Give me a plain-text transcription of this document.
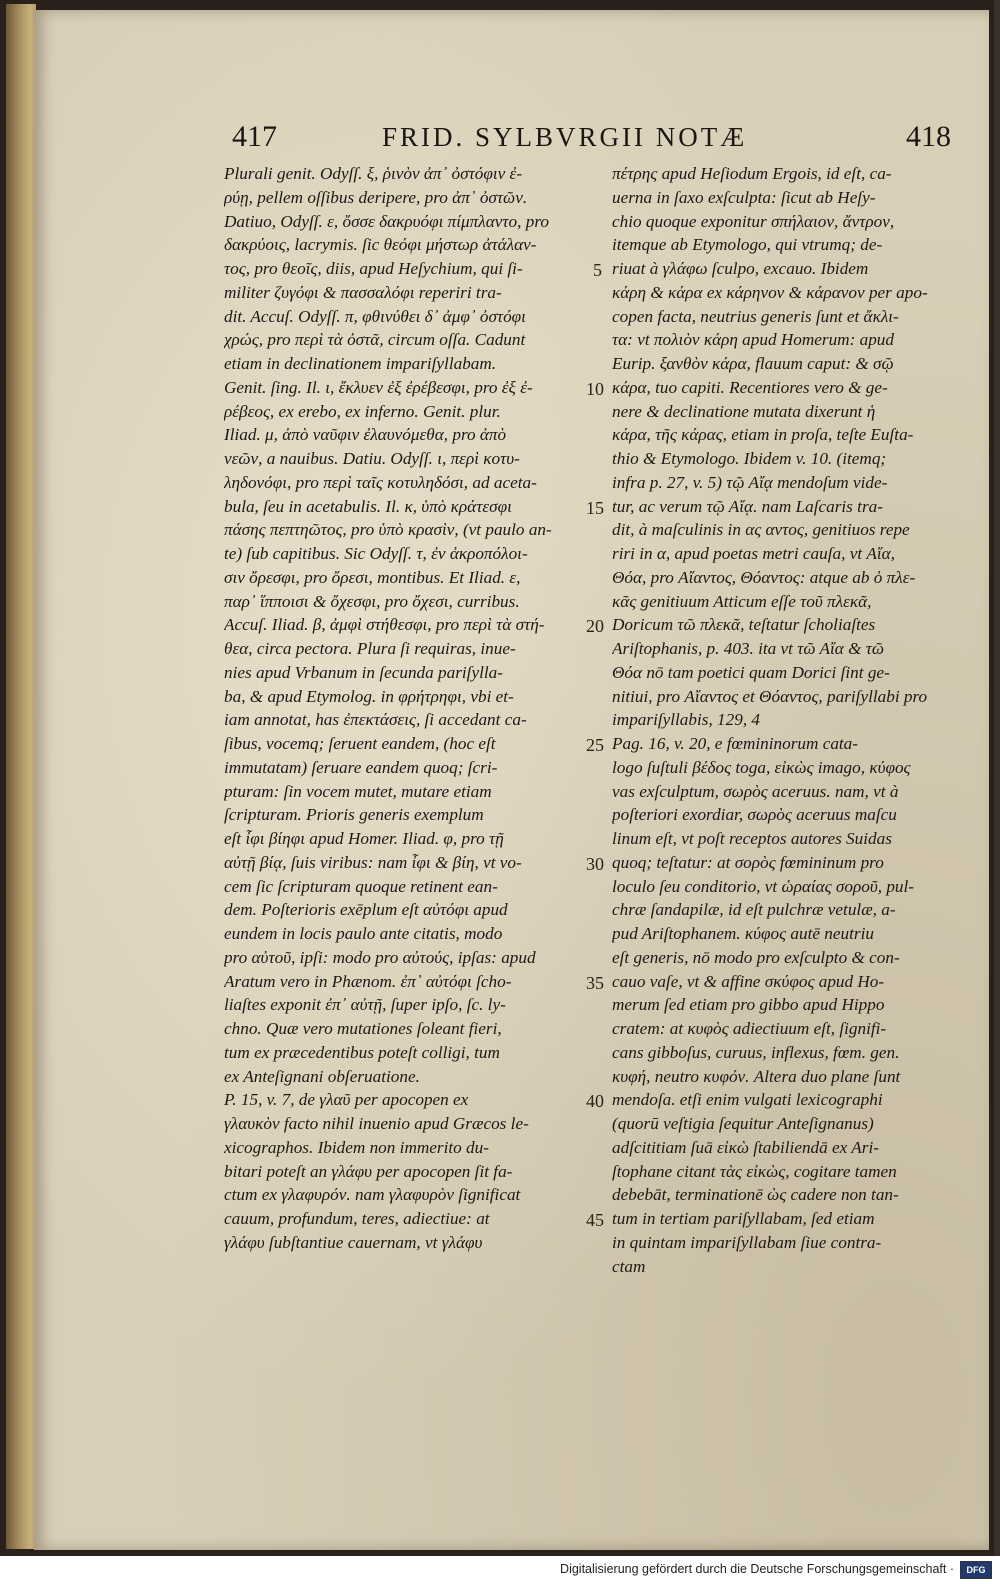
417	FRID. SYLBVRGII NOTÆ	418
Plurali genit. Odyſſ. ξ, ῥινὸν ἀπ᾽ ὀστόφιν ἐ-
ρύῃ, pellem oſſibus deripere, pro ἀπ᾽ ὀστῶν.
Datiuo, Odyſſ. ε, ὄσσε δακρυόφι πίμπλαντο, pro
δακρύοις, lacrymis. ſic θεόφι μήστωρ ἀτάλαν-
τος, pro θεοῖς, diis, apud Heſychium, qui ſi-
militer ζυγόφι & πασσαλόφι reperiri tra-
dit. Accuſ. Odyſſ. π, φθινύθει δ᾽ ἀμφ᾽ ὀστόφι
χρώς, pro περὶ τὰ ὀστᾶ, circum oſſa. Cadunt
etiam in declinationem impariſyllabam.
Genit. ſing. Il. ι, ἔκλυεν ἐξ ἐρέβεσφι, pro ἐξ ἐ-
ρέβεος, ex erebo, ex inferno. Genit. plur.
Iliad. μ, ἀπὸ ναῦφιν ἐλαυνόμεθα, pro ἀπὸ
νεῶν, a nauibus. Datiu. Odyſſ. ι, περὶ κοτυ-
ληδονόφι, pro περὶ ταῖς κοτυληδόσι, ad aceta-
bula, ſeu in acetabulis. Il. κ, ὑπὸ κράτεσφι
πάσης πεπτηῶτος, pro ὑπὸ κρασὶν, (vt paulo an-
te) ſub capitibus. Sic Odyſſ. τ, ἐν ἀκροπόλοι-
σιν ὄρεσφι, pro ὄρεσι, montibus. Et Iliad. ε,
παρ᾽ ἵπποισι & ὄχεσφι, pro ὄχεσι, curribus.
Accuſ. Iliad. β, ἀμφὶ στήθεσφι, pro περὶ τὰ στή-
θεα, circa pectora. Plura ſi requiras, inue-
nies apud Vrbanum in ſecunda pariſylla-
ba, & apud Etymolog. in φρήτρηφι, vbi et-
iam annotat, has ἐπεκτάσεις, ſi accedant ca-
ſibus, vocemq; ſeruent eandem, (hoc eſt
immutatam) ſeruare eandem quoq; ſcri-
pturam: ſin vocem mutet, mutare etiam
ſcripturam. Prioris generis exemplum
eſt ἶφι βίηφι apud Homer. Iliad. φ, pro τῇ
αὐτῇ βίᾳ, ſuis viribus: nam ἶφι & βίη, vt vo-
cem ſic ſcripturam quoque retinent ean-
dem. Poſterioris exēplum eſt αὐτόφι apud
eundem in locis paulo ante citatis, modo
pro αὐτοῦ, ipſi: modo pro αὐτούς, ipſas: apud
Aratum vero in Phænom. ἐπ᾽ αὐτόφι ſcho-
liaſtes exponit ἐπ᾽ αὐτῇ, ſuper ipſo, ſc. ly-
chno. Quæ vero mutationes ſoleant fieri,
tum ex præcedentibus poteſt colligi, tum
ex Anteſignani obſeruatione.
P. 15, v. 7, de γλαῦ per apocopen ex
γλαυκὸν facto nihil inuenio apud Græcos le-
xicographos. Ibidem non immerito du-
bitari poteſt an γλάφυ per apocopen ſit fa-
ctum ex γλαφυρόν. nam γλαφυρὸν ſignificat
cauum, profundum, teres, adiectiue: at
γλάφυ ſubſtantiue cauernam, vt γλάφυ
πέτρης apud Heſiodum Ergois, id eſt, ca-
uerna in ſaxo exſculpta: ſicut ab Heſy-
chio quoque exponitur σπήλαιον, ἄντρον,
itemque ab Etymologo, qui vtrumq; de-
riuat à γλάφω ſculpo, excauo. Ibidem
κάρη & κάρα ex κάρηνον & κάρανον per apo-
copen facta, neutrius generis ſunt et ἄκλι-
τα: vt πολιὸν κάρη apud Homerum: apud
Eurip. ξανθὸν κάρα, flauum caput: & σῷ
κάρα, tuo capiti. Recentiores vero & ge-
nere & declinatione mutata dixerunt ἡ
κάρα, τῆς κάρας, etiam in proſa, teſte Euſta-
thio & Etymologo. Ibidem v. 10. (itemq;
infra p. 27, v. 5) τῷ Αἴᾳ mendoſum vide-
tur, ac verum τῷ Αἴᾳ. nam Laſcaris tra-
dit, à maſculinis in ας αντος, genitiuos repe
riri in α, apud poetas metri cauſa, vt Αἴα,
Θόα, pro Αἴαντος, Θόαντος: atque ab ὁ πλε-
κᾶς genitiuum Atticum eſſe τοῦ πλεκᾶ,
Doricum τῶ πλεκᾶ, teſtatur ſcholiaſtes
Ariſtophanis, p. 403. ita vt τῶ Αἴα & τῶ
Θόα nō tam poetici quam Dorici ſint ge-
nitiui, pro Αἴαντος et Θόαντος, pariſyllabi pro
impariſyllabis, 129, 4
Pag. 16, v. 20, e fœmininorum cata-
logo ſuſtuli βέδος toga, εἰκὼς imago, κύφος
vas exſculptum, σωρὸς aceruus. nam, vt à
poſteriori exordiar, σωρὸς aceruus maſcu
linum eſt, vt poſt receptos autores Suidas
quoq; teſtatur: at σορὸς fœmininum pro
loculo ſeu conditorio, vt ὡραίας σοροῦ, pul-
chræ ſandapilæ, id eſt pulchræ vetulæ, a-
pud Ariſtophanem. κύφος autē neutriu
eſt generis, nō modo pro exſculpto & con-
cauo vaſe, vt & affine σκύφος apud Ho-
merum ſed etiam pro gibbo apud Hippo
cratem: at κυφὸς adiectiuum eſt, ſignifi-
cans gibboſus, curuus, inflexus, fœm. gen.
κυφή, neutro κυφόν. Altera duo plane ſunt
mendoſa. etſi enim vulgati lexicographi
(quorū veſtigia ſequitur Anteſignanus)
adſcititiam ſuā εἰκὼ ſtabiliendā ex Ari-
ſtophane citant τὰς εἰκὼς, cogitare tamen
debebāt, terminationē ὼς cadere non tan-
tum in tertiam pariſyllabam, ſed etiam
in quintam impariſyllabam ſiue contra-
ctam
5
10
15
20
25
30
35
40
45
Digitalisierung gefördert durch die Deutsche Forschungsgemeinschaft ·	DFG
